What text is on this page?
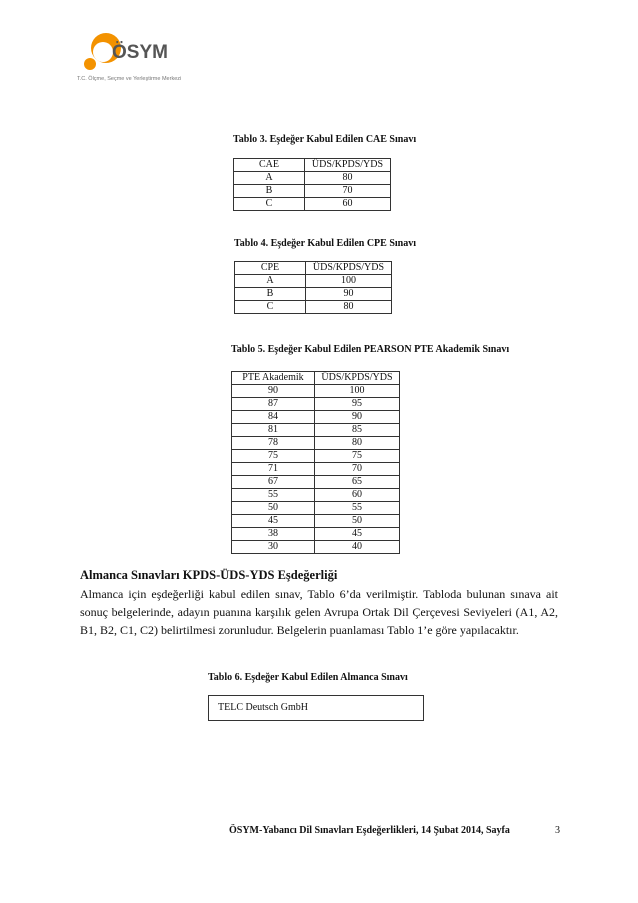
ÖSYM
T.C. Ölçme, Seçme ve Yerleştirme Merkezi
Tablo 3. Eşdeğer Kabul Edilen CAE Sınavı
CAE	ÜDS/KPDS/YDS
A	80
B	70
C	60
Tablo 4. Eşdeğer Kabul Edilen CPE Sınavı
CPE	ÜDS/KPDS/YDS
A	100
B	90
C	80
Tablo 5. Eşdeğer Kabul Edilen PEARSON PTE Akademik Sınavı
PTE Akademik	ÜDS/KPDS/YDS
90	100
87	95
84	90
81	85
78	80
75	75
71	70
67	65
55	60
50	55
45	50
38	45
30	40
Almanca Sınavları KPDS-ÜDS-YDS Eşdeğerliği
Almanca için eşdeğerliği kabul edilen sınav, Tablo 6’da verilmiştir. Tabloda bulunan sınava ait sonuç belgelerinde, adayın puanına karşılık gelen Avrupa Ortak Dil Çerçevesi Seviyeleri (A1, A2, B1, B2, C1, C2) belirtilmesi zorunludur. Belgelerin puanlaması Tablo 1’e göre yapılacaktır.
Tablo 6. Eşdeğer Kabul Edilen Almanca Sınavı
TELC Deutsch GmbH
ÖSYM-Yabancı Dil Sınavları Eşdeğerlikleri, 14 Şubat 2014, Sayfa	3
